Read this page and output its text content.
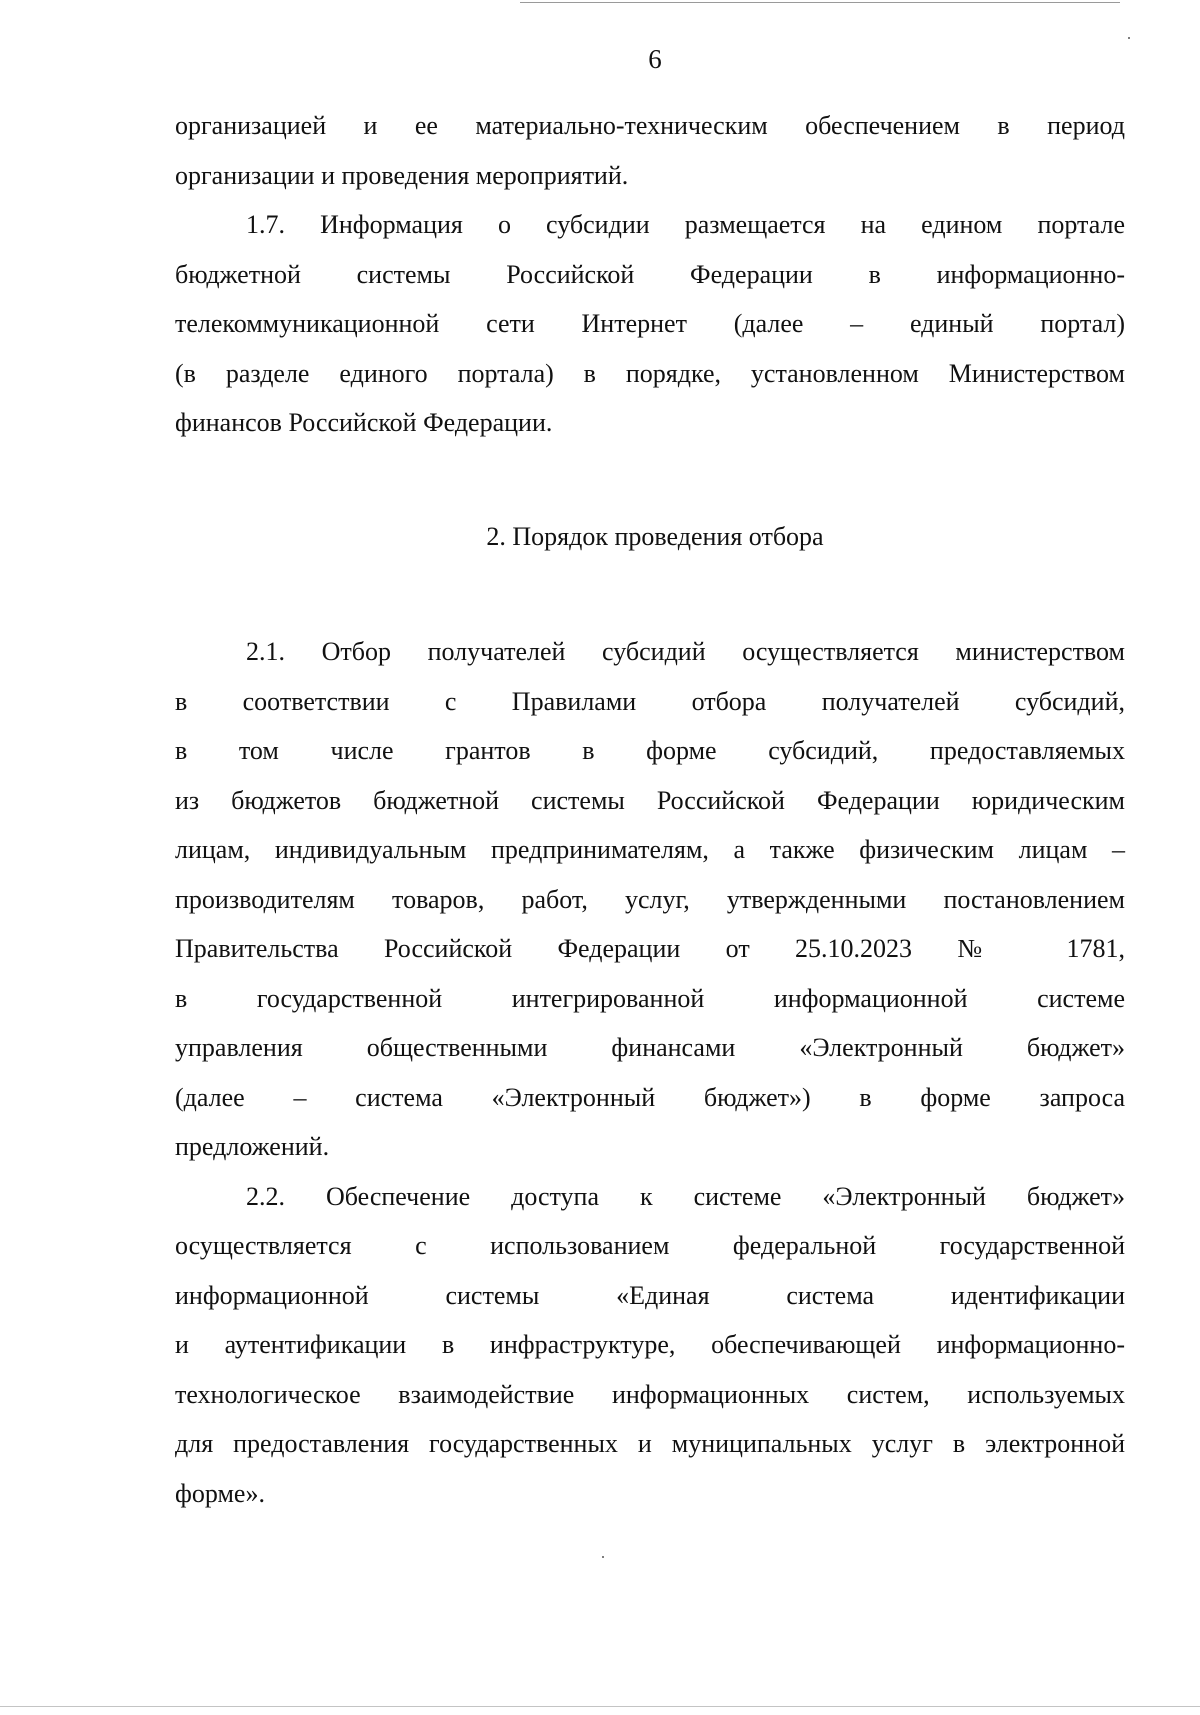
6

организацией и ее материально-техническим обеспечением в период
организации и проведения мероприятий.

1.7. Информация о субсидии размещается на едином портале
бюджетной системы Российской Федерации в информационно-
телекоммуникационной сети Интернет (далее – единый портал)
(в разделе единого портала) в порядке, установленном Министерством
финансов Российской Федерации.

2. Порядок проведения отбора

2.1. Отбор получателей субсидий осуществляется министерством
в соответствии с Правилами отбора получателей субсидий,
в том числе грантов в форме субсидий, предоставляемых
из бюджетов бюджетной системы Российской Федерации юридическим
лицам, индивидуальным предпринимателям, а также физическим лицам –
производителям товаров, работ, услуг, утвержденными постановлением
Правительства Российской Федерации от 25.10.2023 № 1781,
в государственной интегрированной информационной системе
управления общественными финансами «Электронный бюджет»
(далее – система «Электронный бюджет») в форме запроса
предложений.

2.2. Обеспечение доступа к системе «Электронный бюджет»
осуществляется с использованием федеральной государственной
информационной системы «Единая система идентификации
и аутентификации в инфраструктуре, обеспечивающей информационно-
технологическое взаимодействие информационных систем, используемых
для предоставления государственных и муниципальных услуг в электронной
форме».
